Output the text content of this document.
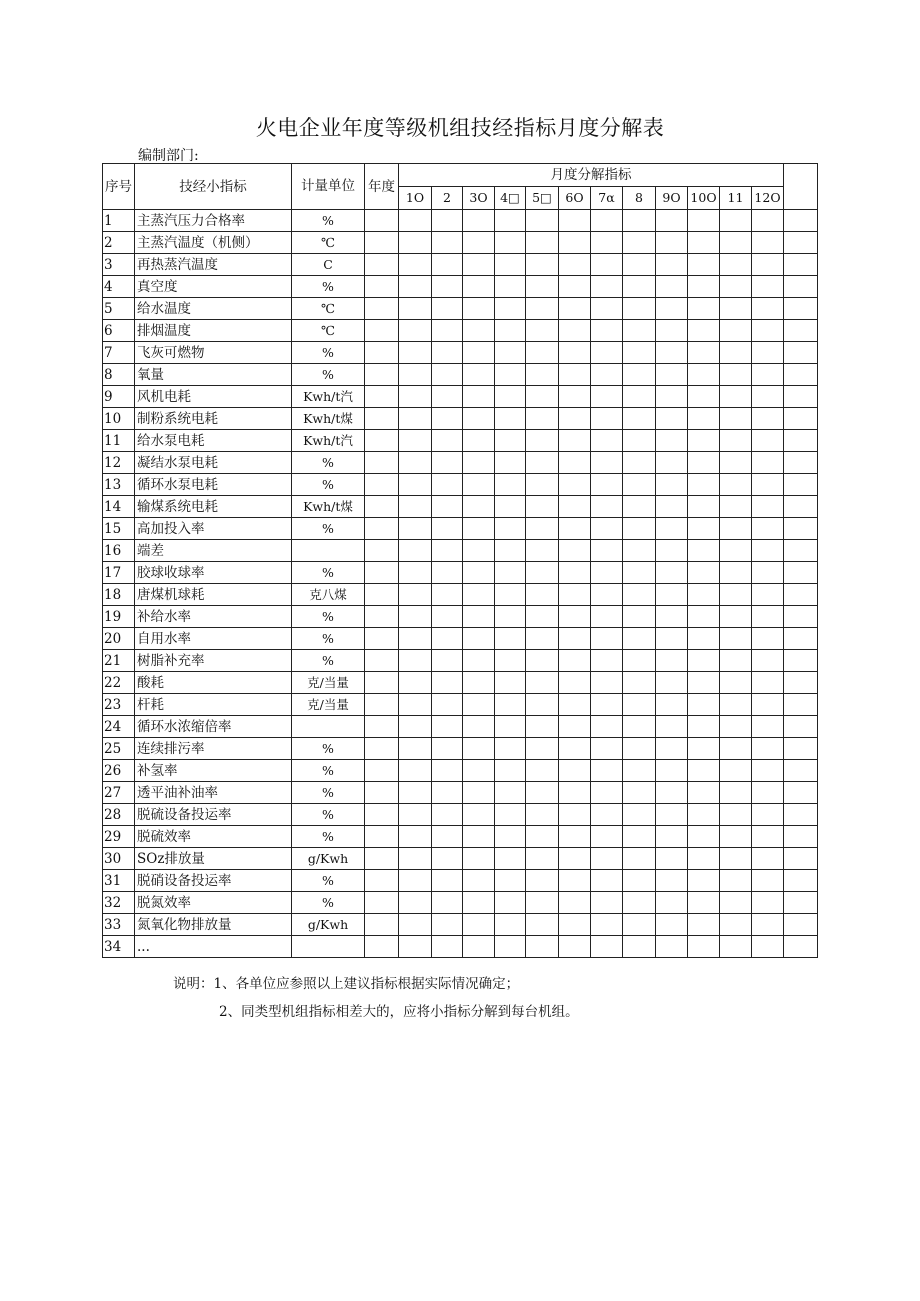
火电企业年度等级机组技经指标月度分解表
编制部门:
序号	技经小指标	计量单位	年度	月度分解指标												
				1O	2	3O	4□	5□	6O	7α	8	9O	10O	11	12O	
1	主蒸汽压力合格率	%														
2	主蒸汽温度（机侧）	℃														
3	再热蒸汽温度	C														
4	真空度	%														
5	给水温度	℃														
6	排烟温度	℃														
7	飞灰可燃物	%														
8	氧量	%														
9	风机电耗	Kwh/t汽														
10	制粉系统电耗	Kwh/t煤														
11	给水泵电耗	Kwh/t汽														
12	凝结水泵电耗	%														
13	循环水泵电耗	%														
14	输煤系统电耗	Kwh/t煤														
15	高加投入率	%														
16	端差															
17	胶球收球率	%														
18	唐煤机球耗	克八煤														
19	补给水率	%														
20	自用水率	%														
21	树脂补充率	%														
22	酸耗	克/当量														
23	杆耗	克/当量														
24	循环水浓缩倍率															
25	连续排污率	%														
26	补氢率	%														
27	透平油补油率	%														
28	脱硫设备投运率	%														
29	脱硫效率	%														
30	SOz排放量	g/Kwh														
31	脱硝设备投运率	%														
32	脱氮效率	%														
33	氮氧化物排放量	g/Kwh														
34	...															
说明：1、各单位应参照以上建议指标根据实际情况确定；
2、同类型机组指标相差大的，应将小指标分解到每台机组。
